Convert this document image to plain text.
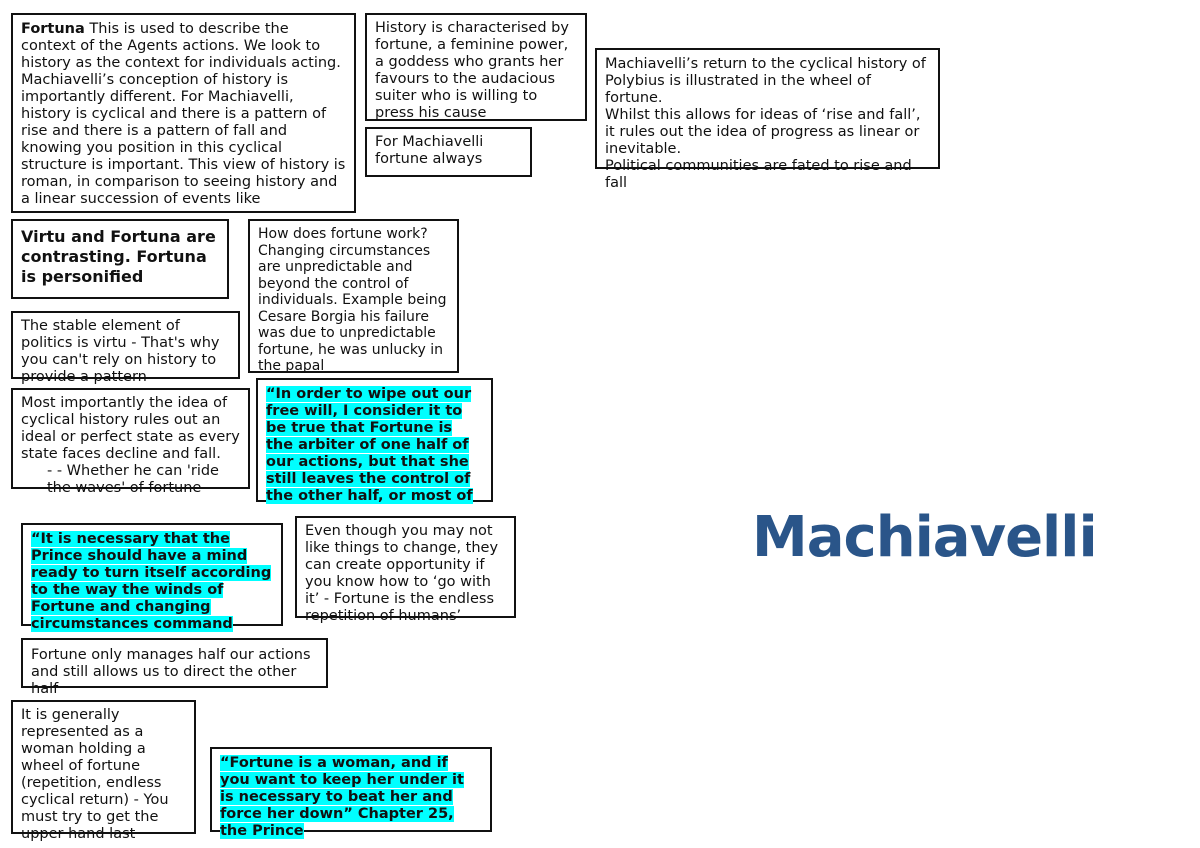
Fortuna This is used to describe the context of the Agents actions. We look to history as the context for individuals acting. Machiavelli’s conception of history is importantly different. For Machiavelli, history is cyclical and there is a pattern of rise and there is a pattern of fall and knowing you position in this cyclical structure is important. This view of history is roman, in comparison to seeing history and a linear succession of events like

History is characterised by fortune, a feminine power, a goddess who grants her favours to the audacious suiter who is willing to press his cause

For Machiavelli fortune always

Machiavelli’s return to the cyclical history of Polybius is illustrated in the wheel of fortune.

Whilst this allows for ideas of ‘rise and fall’, it rules out the idea of progress as linear or inevitable.

Political communities are fated to rise and fall

Virtu and Fortuna are contrasting. Fortuna is personified

How does fortune work? Changing circumstances are unpredictable and beyond the control of individuals. Example being Cesare Borgia his failure was due to unpredictable fortune, he was unlucky in the papal

The stable element of politics is virtu - That's why you can't rely on history to provide a pattern

Most importantly the idea of cyclical history rules out an ideal or perfect state as every state faces decline and fall.

- - Whether he can 'ride the waves' of fortune

“In order to wipe out our free will, I consider it to be true that Fortune is the arbiter of one half of our actions, but that she still leaves the control of the other half, or most of

“It is necessary that the Prince should have a mind ready to turn itself according to the way the winds of Fortune and changing circumstances command

Even though you may not like things to change, they can create opportunity if you know how to ‘go with it’ - Fortune is the endless repetition of humans’

Fortune only manages half our actions and still allows us to direct the other half

It is generally represented as a woman holding a wheel of fortune (repetition, endless cyclical return) - You must try to get the upper hand last

“Fortune is a woman, and if you want to keep her under it is necessary to beat her and force her down” Chapter 25, the Prince

Machiavelli
